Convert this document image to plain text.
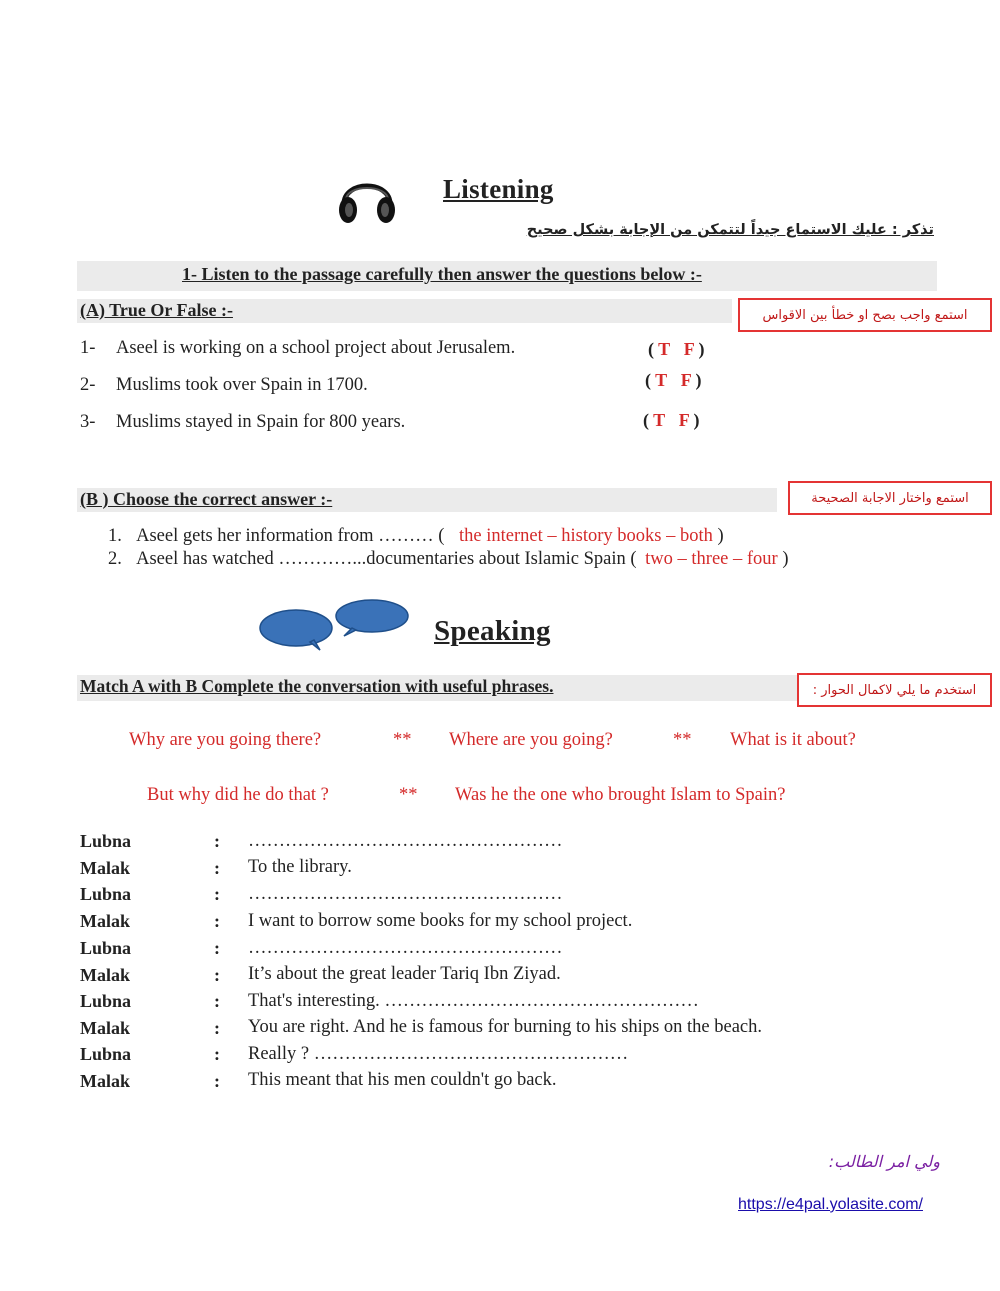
Listening
تذكر : عليك الاستماع جيداً لتتمكن من الإجابة بشكل صحيح
1- Listen to the passage carefully then answer the questions below :-
(A) True Or False :-	استمع واجب بصح او خطأ بين الاقواس
1- Aseel is working on a school project about Jerusalem.	( T F )
2- Muslims took over Spain in 1700.	( T F )
3- Muslims stayed in Spain for 800 years.	( T F )
(B ) Choose the correct answer :-	استمع واختار الاجابة الصحيحة
1. Aseel gets her information from ……… ( the internet – history books – both )
2. Aseel has watched …………...documentaries about Islamic Spain ( two – three – four )
Speaking
Match A with B Complete the conversation with useful phrases.	استخدم ما يلي لاكمال الحوار :
Why are you going there?	** Where are you going?	** What is it about?
But why did he do that ?	** Was he the one who brought Islam to Spain?
Lubna	: ……………………………………………
Malak	: To the library.
Lubna	: ……………………………………………
Malak	: I want to borrow some books for my school project.
Lubna	: ……………………………………………
Malak	: It’s about the great leader Tariq Ibn Ziyad.
Lubna	: That's interesting. ……………………………………………
Malak	: You are right. And he is famous for burning to his ships on the beach.
Lubna	: Really ? ……………………………………………
Malak	: This meant that his men couldn't go back.
ولي امر الطالب:
https://e4pal.yolasite.com/
